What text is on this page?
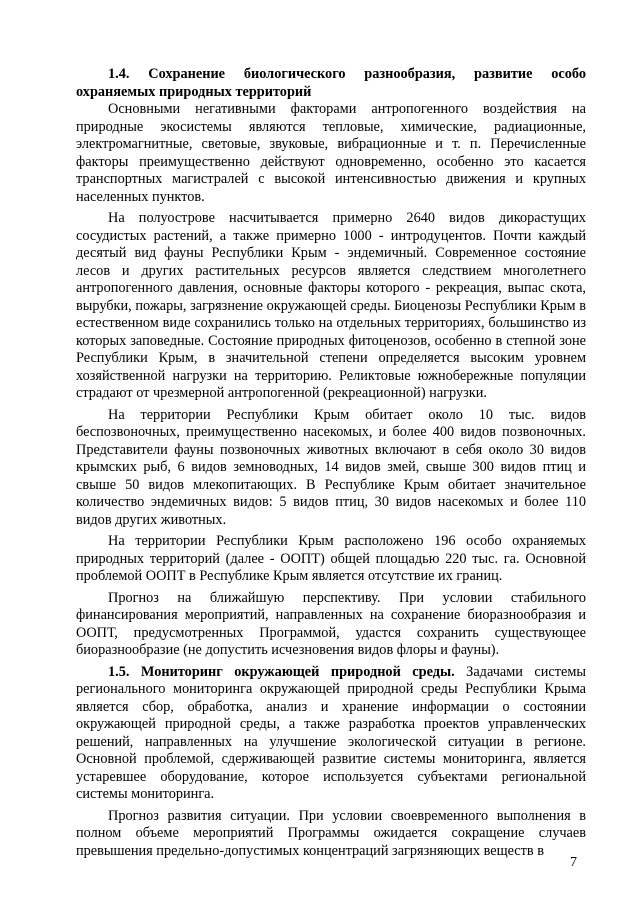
1.4. Сохранение биологического разнообразия, развитие особо охраняемых природных территорий

Основными негативными факторами антропогенного воздействия на природные экосистемы являются тепловые, химические, радиационные, электромагнитные, световые, звуковые, вибрационные и т. п. Перечисленные факторы преимущественно действуют одновременно, особенно это касается транспортных магистралей с высокой интенсивностью движения и крупных населенных пунктов.

На полуострове насчитывается примерно 2640 видов дикорастущих сосудистых растений, а также примерно 1000 - интродуцентов. Почти каждый десятый вид фауны Республики Крым - эндемичный. Современное состояние лесов и других растительных ресурсов является следствием многолетнего антропогенного давления, основные факторы которого - рекреация, выпас скота, вырубки, пожары, загрязнение окружающей среды. Биоценозы Республики Крым в естественном виде сохранились только на отдельных территориях, большинство из которых заповедные. Состояние природных фитоценозов, особенно в степной зоне Республики Крым, в значительной степени определяется высоким уровнем хозяйственной нагрузки на территорию. Реликтовые южнобережные популяции страдают от чрезмерной антропогенной (рекреационной) нагрузки.

На территории Республики Крым обитает около 10 тыс. видов беспозвоночных, преимущественно насекомых, и более 400 видов позвоночных. Представители фауны позвоночных животных включают в себя около 30 видов крымских рыб, 6 видов земноводных, 14 видов змей, свыше 300 видов птиц и свыше 50 видов млекопитающих. В Республике Крым обитает значительное количество эндемичных видов: 5 видов птиц, 30 видов насекомых и более 110 видов других животных.

На территории Республики Крым расположено 196 особо охраняемых природных территорий (далее - ООПТ) общей площадью 220 тыс. га. Основной проблемой ООПТ в Республике Крым является отсутствие их границ.

Прогноз на ближайшую перспективу. При условии стабильного финансирования мероприятий, направленных на сохранение биоразнообразия и ООПТ, предусмотренных Программой, удастся сохранить существующее биоразнообразие (не допустить исчезновения видов флоры и фауны).

1.5. Мониторинг окружающей природной среды. Задачами системы регионального мониторинга окружающей природной среды Республики Крыма является сбор, обработка, анализ и хранение информации о состоянии окружающей природной среды, а также разработка проектов управленческих решений, направленных на улучшение экологической ситуации в регионе. Основной проблемой, сдерживающей развитие системы мониторинга, является устаревшее оборудование, которое используется субъектами региональной системы мониторинга.

Прогноз развития ситуации. При условии своевременного выполнения в полном объеме мероприятий Программы ожидается сокращение случаев превышения предельно-допустимых концентраций загрязняющих веществ в

7
